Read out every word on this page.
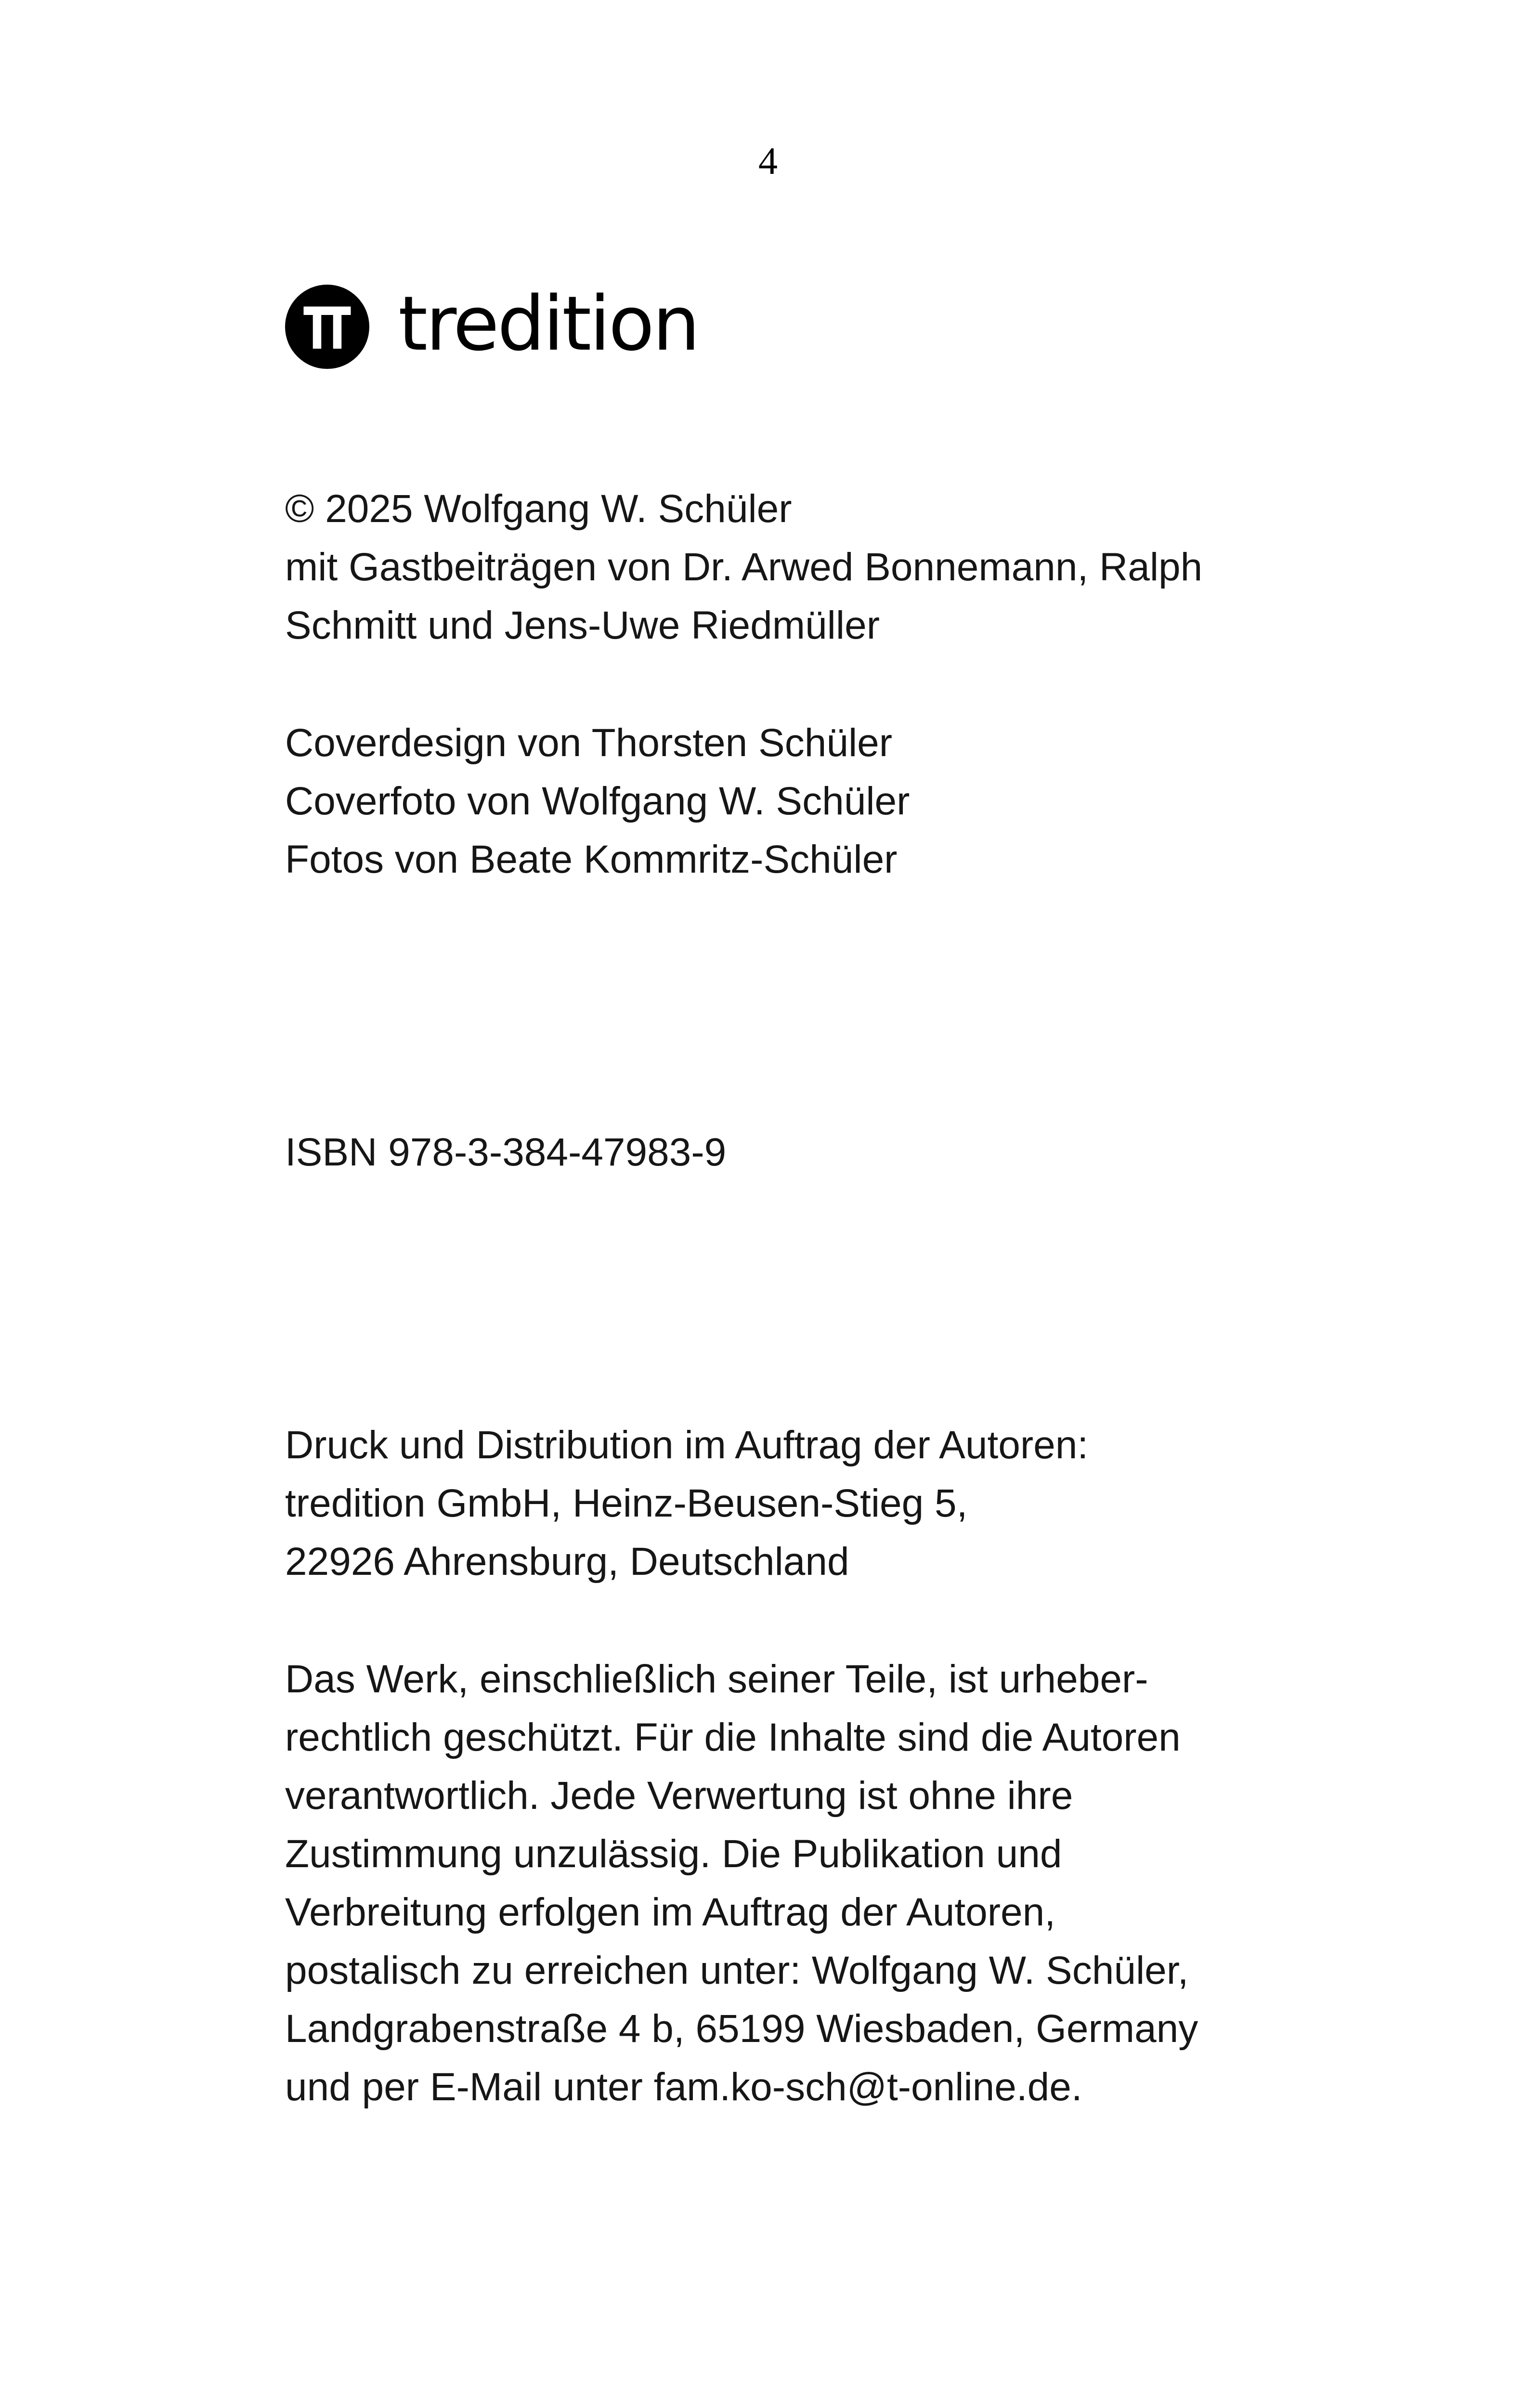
4
tredition
© 2025 Wolfgang W. Schüler
mit Gastbeiträgen von Dr. Arwed Bonnemann, Ralph
Schmitt und Jens-Uwe Riedmüller
Coverdesign von Thorsten Schüler
Coverfoto von Wolfgang W. Schüler
Fotos von Beate Kommritz-Schüler
ISBN 978-3-384-47983-9
Druck und Distribution im Auftrag der Autoren:
tredition GmbH, Heinz-Beusen-Stieg 5,
22926 Ahrensburg, Deutschland
Das Werk, einschließlich seiner Teile, ist urheber-
rechtlich geschützt. Für die Inhalte sind die Autoren
verantwortlich. Jede Verwertung ist ohne ihre
Zustimmung unzulässig. Die Publikation und
Verbreitung erfolgen im Auftrag der Autoren,
postalisch zu erreichen unter: Wolfgang W. Schüler,
Landgrabenstraße 4 b, 65199 Wiesbaden, Germany
und per E-Mail unter fam.ko-sch@t-online.de.
